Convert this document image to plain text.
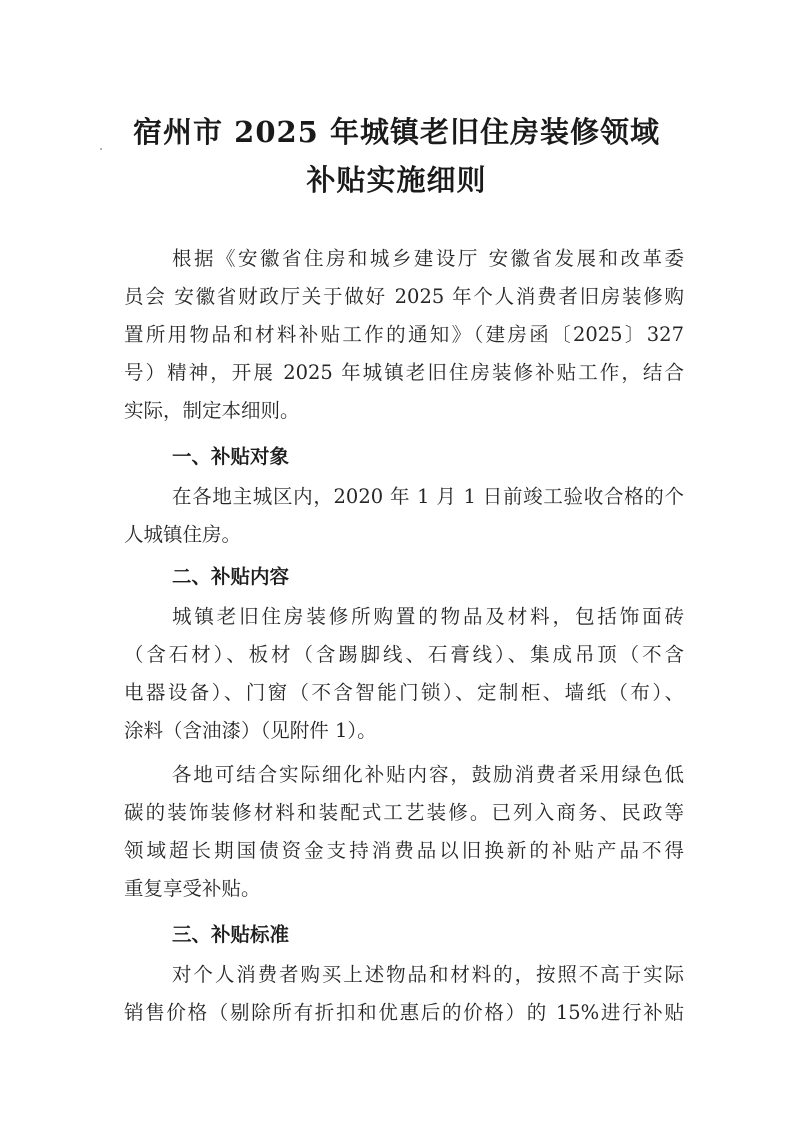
宿州市 2025 年城镇老旧住房装修领域
补贴实施细则
根据《安徽省住房和城乡建设厅 安徽省发展和改革委
员会 安徽省财政厅关于做好 2025 年个人消费者旧房装修购
置所用物品和材料补贴工作的通知》（建房函〔2025〕327
号）精神，开展 2025 年城镇老旧住房装修补贴工作，结合
实际，制定本细则。
一、补贴对象
在各地主城区内，2020 年 1 月 1 日前竣工验收合格的个
人城镇住房。
二、补贴内容
城镇老旧住房装修所购置的物品及材料，包括饰面砖
（含石材）、板材（含踢脚线、石膏线）、集成吊顶（不含
电器设备）、门窗（不含智能门锁）、定制柜、墙纸（布）、
涂料（含油漆）（见附件 1）。
各地可结合实际细化补贴内容，鼓励消费者采用绿色低
碳的装饰装修材料和装配式工艺装修。已列入商务、民政等
领域超长期国债资金支持消费品以旧换新的补贴产品不得
重复享受补贴。
三、补贴标准
对个人消费者购买上述物品和材料的，按照不高于实际
销售价格（剔除所有折扣和优惠后的价格）的 15%进行补贴
